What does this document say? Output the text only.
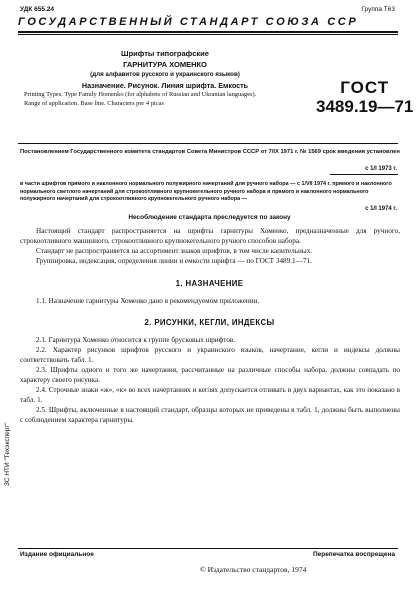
УДК 655.24	Группа Т63
ГОСУДАРСТВЕННЫЙ СТАНДАРТ СОЮЗА ССР
Шрифты типографские
ГАРНИТУРА ХОМЕНКО
(для алфавитов русского и украинского языков)
Назначение. Рисунок. Линия шрифта. Емкость
Printing Types. Type Family Homenko (for alphabets of Russian and Ukranian languages).
Range of application. Base line. Characters per 4 picas
ГОСТ
3489.19—71
Постановлением Государственного комитета стандартов Совета Министров СССР от 7/IX 1971 г. № 1569 срок введения установлен
с 1/I 1973 г.
в части шрифтов прямого и наклонного нормального полужирного начертаний для ручного набора — с 1/VII 1974 г. прямого и наклонного нормального светлого начертаний для строкоотливного крупнокегельного ручного набора и прямого и наклонного нормального полужирного начертаний для строкоотливного крупнокегельного ручного набора —
с 1/I 1974 г.
Несоблюдение стандарта преследуется по закону
Настоящий стандарт распространяется на шрифты гарнитуры Хоменко, предназначенные для ручного, строкоотливного машинного, строкоотливного крупнокегельного ручного способов набора.
Стандарт не распространяется на ассортимент знаков шрифтов, в том числе капительных.
Группировка, индексация, определения линии и емкости шрифта — по ГОСТ 3489.1—71.
1. НАЗНАЧЕНИЕ
1.1. Назначение гарнитуры Хоменко дано в рекомендуемом приложении.
2. РИСУНКИ, КЕГЛИ, ИНДЕКСЫ
2.1. Гарнитура Хоменко относится к группе брусковых шрифтов.
2.2. Характер рисунков шрифтов русского и украинского языков, начертание, кегли и индексы должны соответствовать табл. 1.
2.3. Шрифты одного и того же начертания, рассчитанные на различные способы набора, должны совпадать по характеру своего рисунка.
2.4. Строчные знаки «ж», «к» во всех начертаниях и кеглях допускается отливать в двух вариантах, как это показано в табл. 1.
2.5. Шрифты, включенные в настоящий стандарт, образцы которых не приведены в табл. 1, должны быть выполнены с соблюдением характера гарнитуры.
ЗС НТИ "Техэксперт"
Издание официальное	Перепечатка воспрещена
© Издательство стандартов, 1974
